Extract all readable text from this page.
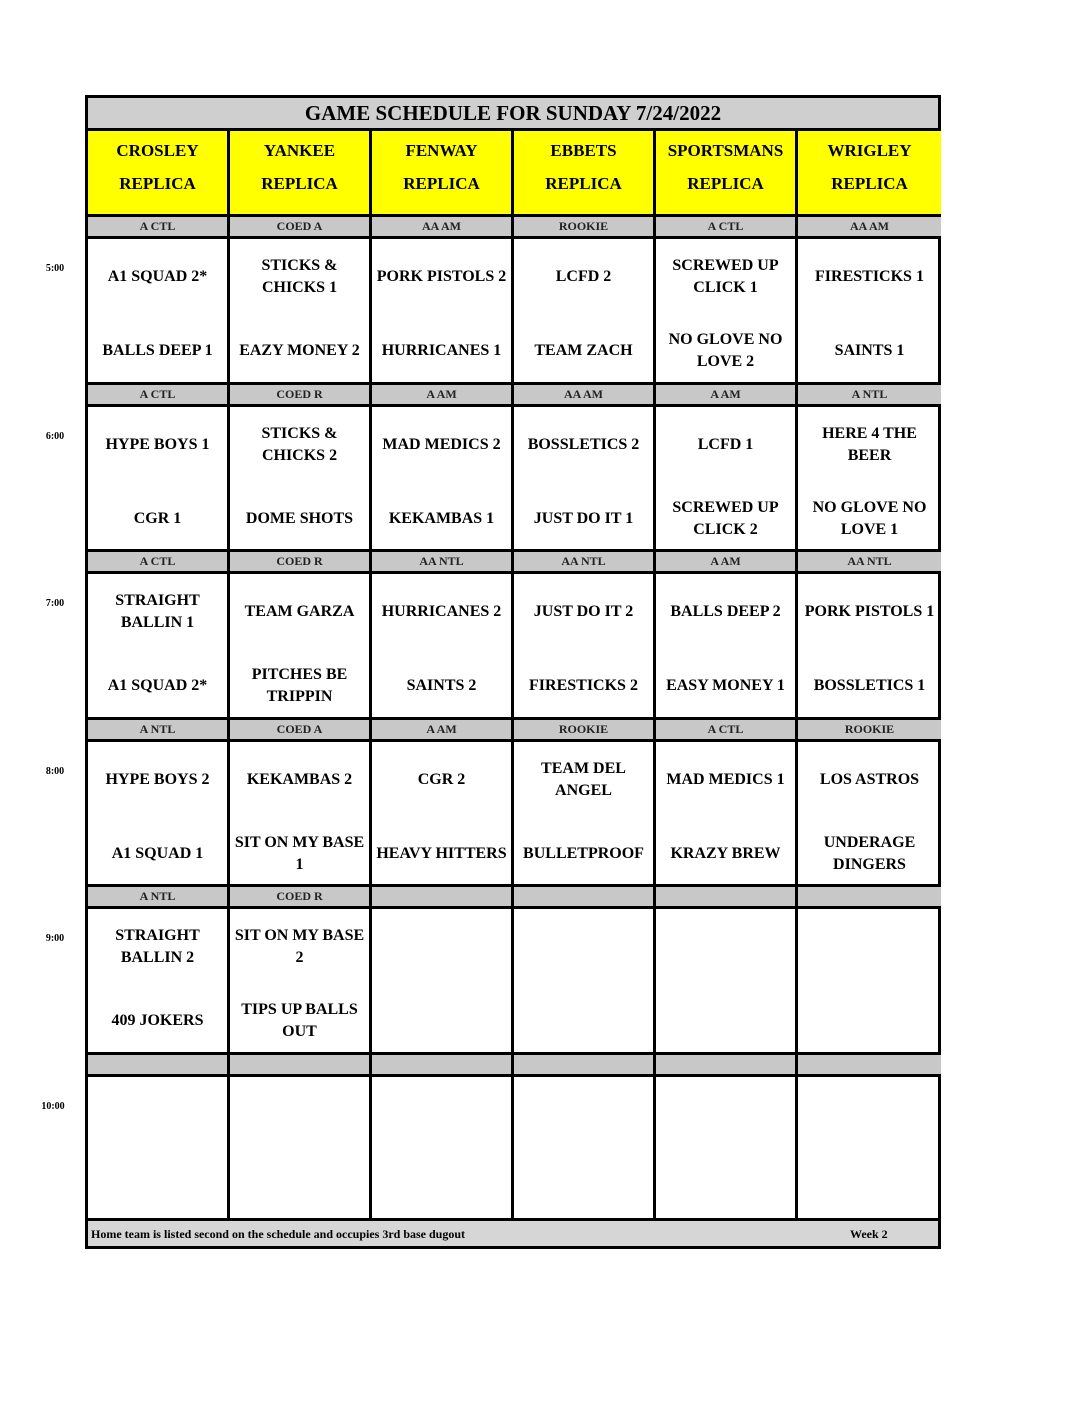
5:00
6:00
7:00
8:00
9:00
10:00
GAME SCHEDULE FOR SUNDAY 7/24/2022
CROSLEY
REPLICA
YANKEE
REPLICA
FENWAY
REPLICA
EBBETS
REPLICA
SPORTSMANS
REPLICA
WRIGLEY
REPLICA
A CTL
A1 SQUAD 2*
BALLS DEEP 1
COED A
STICKS & CHICKS 1
EAZY MONEY 2
AA AM
PORK PISTOLS 2
HURRICANES 1
ROOKIE
LCFD 2
TEAM ZACH
A CTL
SCREWED UP CLICK 1
NO GLOVE NO LOVE 2
AA AM
FIRESTICKS 1
SAINTS 1
A CTL
HYPE BOYS 1
CGR 1
COED R
STICKS & CHICKS 2
DOME SHOTS
A AM
MAD MEDICS 2
KEKAMBAS 1
AA AM
BOSSLETICS 2
JUST DO IT 1
A AM
LCFD 1
SCREWED UP CLICK 2
A NTL
HERE 4 THE BEER
NO GLOVE NO LOVE 1
A CTL
STRAIGHT BALLIN 1
A1 SQUAD 2*
COED R
TEAM GARZA
PITCHES BE TRIPPIN
AA NTL
HURRICANES 2
SAINTS 2
AA NTL
JUST DO IT 2
FIRESTICKS 2
A AM
BALLS DEEP 2
EASY MONEY 1
AA NTL
PORK PISTOLS 1
BOSSLETICS 1
A NTL
HYPE BOYS 2
A1 SQUAD 1
COED A
KEKAMBAS 2
SIT ON MY BASE 1
A AM
CGR 2
HEAVY HITTERS
ROOKIE
TEAM DEL ANGEL
BULLETPROOF
A CTL
MAD MEDICS 1
KRAZY BREW
ROOKIE
LOS ASTROS
UNDERAGE DINGERS
A NTL
STRAIGHT BALLIN 2
409 JOKERS
COED R
SIT ON MY BASE 2
TIPS UP BALLS OUT
Home team is listed second on the schedule and occupies 3rd base dugout	Week 2
